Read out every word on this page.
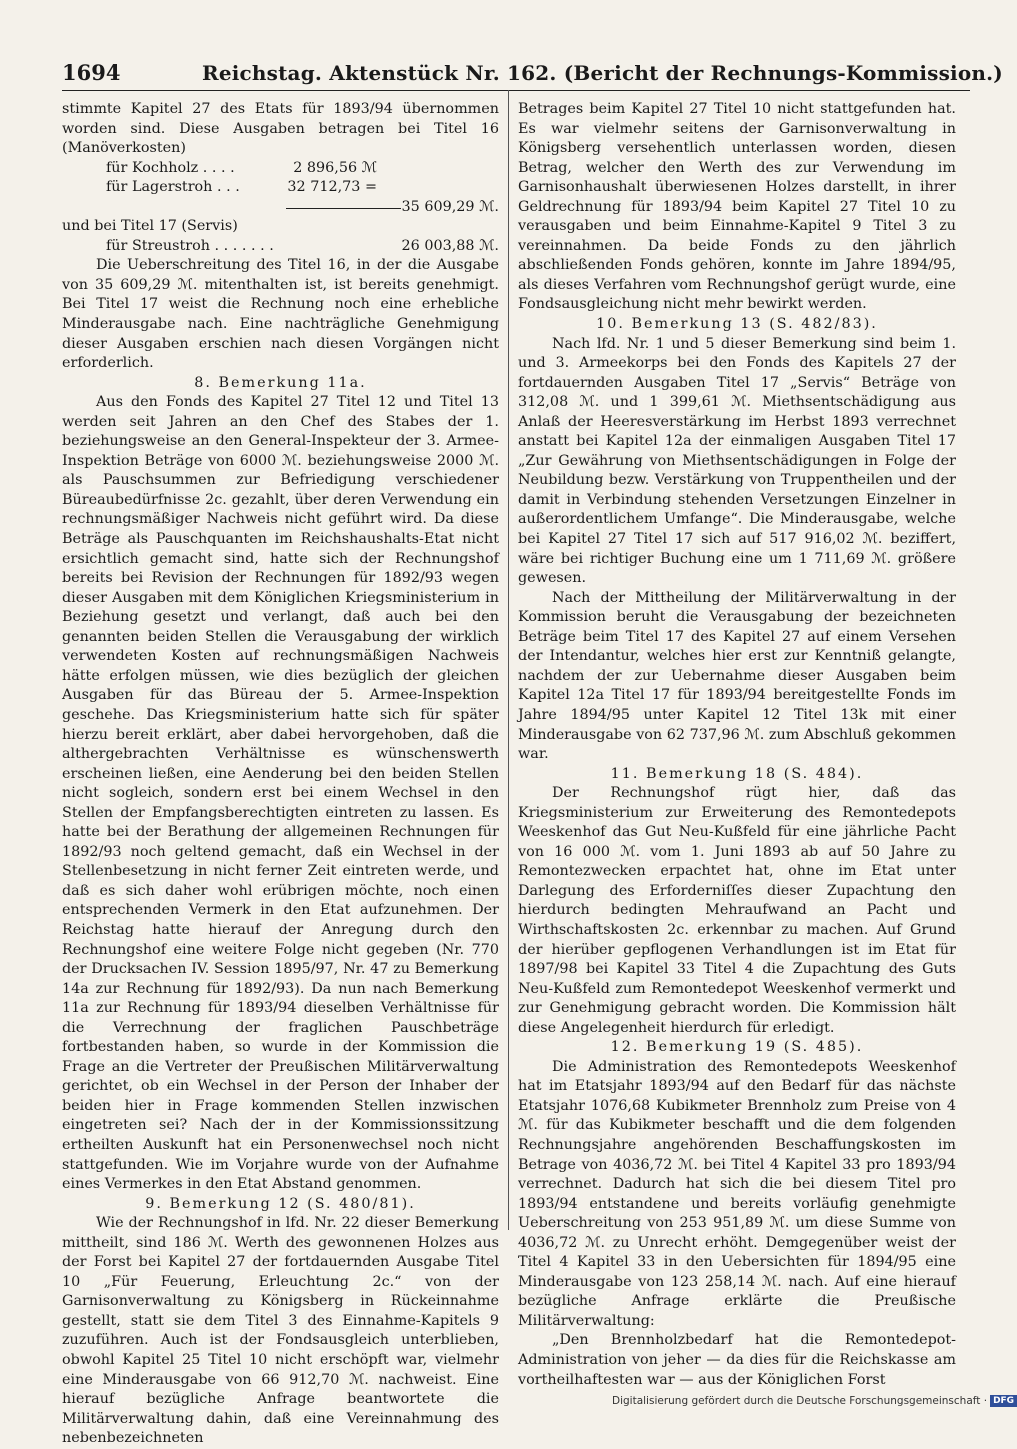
1694	Reichstag. Aktenstück Nr. 162. (Bericht der Rechnungs-Kommission.)

stimmte Kapitel 27 des Etats für 1893/94 übernommen worden sind. Diese Ausgaben betragen bei Titel 16 (Manöverkosten)

für Kochholz . . . .	2 896,56 ℳ
für Lagerstroh . . .	32 712,73 =
35 609,29 ℳ.
und bei Titel 17 (Servis)
für Streustroh . . . . . . .	26 003,88 ℳ.

Die Ueberschreitung des Titel 16, in der die Ausgabe von 35 609,29 ℳ. mitenthalten ist, ist bereits genehmigt. Bei Titel 17 weist die Rechnung noch eine erhebliche Minderausgabe nach. Eine nachträgliche Genehmigung dieser Ausgaben erschien nach diesen Vorgängen nicht erforderlich.

8. Bemerkung 11a.

Aus den Fonds des Kapitel 27 Titel 12 und Titel 13 werden seit Jahren an den Chef des Stabes der 1. beziehungsweise an den General-Inspekteur der 3. Armee-Inspektion Beträge von 6000 ℳ. beziehungsweise 2000 ℳ. als Pauschsummen zur Befriedigung verschiedener Büreaubedürfnisse 2c. gezahlt, über deren Verwendung ein rechnungsmäßiger Nachweis nicht geführt wird. Da diese Beträge als Pauschquanten im Reichshaushalts-Etat nicht ersichtlich gemacht sind, hatte sich der Rechnungshof bereits bei Revision der Rechnungen für 1892/93 wegen dieser Ausgaben mit dem Königlichen Kriegsministerium in Beziehung gesetzt und verlangt, daß auch bei den genannten beiden Stellen die Verausgabung der wirklich verwendeten Kosten auf rechnungsmäßigen Nachweis hätte erfolgen müssen, wie dies bezüglich der gleichen Ausgaben für das Büreau der 5. Armee-Inspektion geschehe. Das Kriegsministerium hatte sich für später hierzu bereit erklärt, aber dabei hervorgehoben, daß die althergebrachten Verhältnisse es wünschenswerth erscheinen ließen, eine Aenderung bei den beiden Stellen nicht sogleich, sondern erst bei einem Wechsel in den Stellen der Empfangsberechtigten eintreten zu lassen. Es hatte bei der Berathung der allgemeinen Rechnungen für 1892/93 noch geltend gemacht, daß ein Wechsel in der Stellenbesetzung in nicht ferner Zeit eintreten werde, und daß es sich daher wohl erübrigen möchte, noch einen entsprechenden Vermerk in den Etat aufzunehmen. Der Reichstag hatte hierauf der Anregung durch den Rechnungshof eine weitere Folge nicht gegeben (Nr. 770 der Drucksachen IV. Session 1895/97, Nr. 47 zu Bemerkung 14a zur Rechnung für 1892/93). Da nun nach Bemerkung 11a zur Rechnung für 1893/94 dieselben Verhältnisse für die Verrechnung der fraglichen Pauschbeträge fortbestanden haben, so wurde in der Kommission die Frage an die Vertreter der Preußischen Militärverwaltung gerichtet, ob ein Wechsel in der Person der Inhaber der beiden hier in Frage kommenden Stellen inzwischen eingetreten sei? Nach der in der Kommissionssitzung ertheilten Auskunft hat ein Personenwechsel noch nicht stattgefunden. Wie im Vorjahre wurde von der Aufnahme eines Vermerkes in den Etat Abstand genommen.

9. Bemerkung 12 (S. 480/81).

Wie der Rechnungshof in lfd. Nr. 22 dieser Bemerkung mittheilt, sind 186 ℳ. Werth des gewonnenen Holzes aus der Forst bei Kapitel 27 der fortdauernden Ausgabe Titel 10 „Für Feuerung, Erleuchtung 2c.“ von der Garnisonverwaltung zu Königsberg in Rückeinnahme gestellt, statt sie dem Titel 3 des Einnahme-Kapitels 9 zuzuführen. Auch ist der Fondsausgleich unterblieben, obwohl Kapitel 25 Titel 10 nicht erschöpft war, vielmehr eine Minderausgabe von 66 912,70 ℳ. nachweist. Eine hierauf bezügliche Anfrage beantwortete die Militärverwaltung dahin, daß eine Vereinnahmung des nebenbezeichneten

Betrages beim Kapitel 27 Titel 10 nicht stattgefunden hat. Es war vielmehr seitens der Garnisonverwaltung in Königsberg versehentlich unterlassen worden, diesen Betrag, welcher den Werth des zur Verwendung im Garnisonhaushalt überwiesenen Holzes darstellt, in ihrer Geldrechnung für 1893/94 beim Kapitel 27 Titel 10 zu verausgaben und beim Einnahme-Kapitel 9 Titel 3 zu vereinnahmen. Da beide Fonds zu den jährlich abschließenden Fonds gehören, konnte im Jahre 1894/95, als dieses Verfahren vom Rechnungshof gerügt wurde, eine Fondsausgleichung nicht mehr bewirkt werden.

10. Bemerkung 13 (S. 482/83).

Nach lfd. Nr. 1 und 5 dieser Bemerkung sind beim 1. und 3. Armeekorps bei den Fonds des Kapitels 27 der fortdauernden Ausgaben Titel 17 „Servis“ Beträge von 312,08 ℳ. und 1 399,61 ℳ. Miethsentschädigung aus Anlaß der Heeresverstärkung im Herbst 1893 verrechnet anstatt bei Kapitel 12a der einmaligen Ausgaben Titel 17 „Zur Gewährung von Miethsentschädigungen in Folge der Neubildung bezw. Verstärkung von Truppentheilen und der damit in Verbindung stehenden Versetzungen Einzelner in außerordentlichem Umfange“. Die Minderausgabe, welche bei Kapitel 27 Titel 17 sich auf 517 916,02 ℳ. beziffert, wäre bei richtiger Buchung eine um 1 711,69 ℳ. größere gewesen.

Nach der Mittheilung der Militärverwaltung in der Kommission beruht die Verausgabung der bezeichneten Beträge beim Titel 17 des Kapitel 27 auf einem Versehen der Intendantur, welches hier erst zur Kenntniß gelangte, nachdem der zur Uebernahme dieser Ausgaben beim Kapitel 12a Titel 17 für 1893/94 bereitgestellte Fonds im Jahre 1894/95 unter Kapitel 12 Titel 13k mit einer Minderausgabe von 62 737,96 ℳ. zum Abschluß gekommen war.

11. Bemerkung 18 (S. 484).

Der Rechnungshof rügt hier, daß das Kriegsministerium zur Erweiterung des Remontedepots Weeskenhof das Gut Neu-Kußfeld für eine jährliche Pacht von 16 000 ℳ. vom 1. Juni 1893 ab auf 50 Jahre zu Remontezwecken erpachtet hat, ohne im Etat unter Darlegung des Erforderniſſes dieser Zupachtung den hierdurch bedingten Mehraufwand an Pacht und Wirthschaftskosten 2c. erkennbar zu machen. Auf Grund der hierüber gepflogenen Verhandlungen ist im Etat für 1897/98 bei Kapitel 33 Titel 4 die Zupachtung des Guts Neu-Kußfeld zum Remontedepot Weeskenhof vermerkt und zur Genehmigung gebracht worden. Die Kommission hält diese Angelegenheit hierdurch für erledigt.

12. Bemerkung 19 (S. 485).

Die Administration des Remontedepots Weeskenhof hat im Etatsjahr 1893/94 auf den Bedarf für das nächste Etatsjahr 1076,68 Kubikmeter Brennholz zum Preise von 4 ℳ. für das Kubikmeter beschafft und die dem folgenden Rechnungsjahre angehörenden Beschaffungskosten im Betrage von 4036,72 ℳ. bei Titel 4 Kapitel 33 pro 1893/94 verrechnet. Dadurch hat sich die bei diesem Titel pro 1893/94 entstandene und bereits vorläufig genehmigte Ueberschreitung von 253 951,89 ℳ. um diese Summe von 4036,72 ℳ. zu Unrecht erhöht. Demgegenüber weist der Titel 4 Kapitel 33 in den Uebersichten für 1894/95 eine Minderausgabe von 123 258,14 ℳ. nach. Auf eine hierauf bezügliche Anfrage erklärte die Preußische Militärverwaltung:

„Den Brennholzbedarf hat die Remontedepot-Administration von jeher — da dies für die Reichskasse am vortheilhaftesten war — aus der Königlichen Forst

Digitalisierung gefördert durch die Deutsche Forschungsgemeinschaft · DFG
